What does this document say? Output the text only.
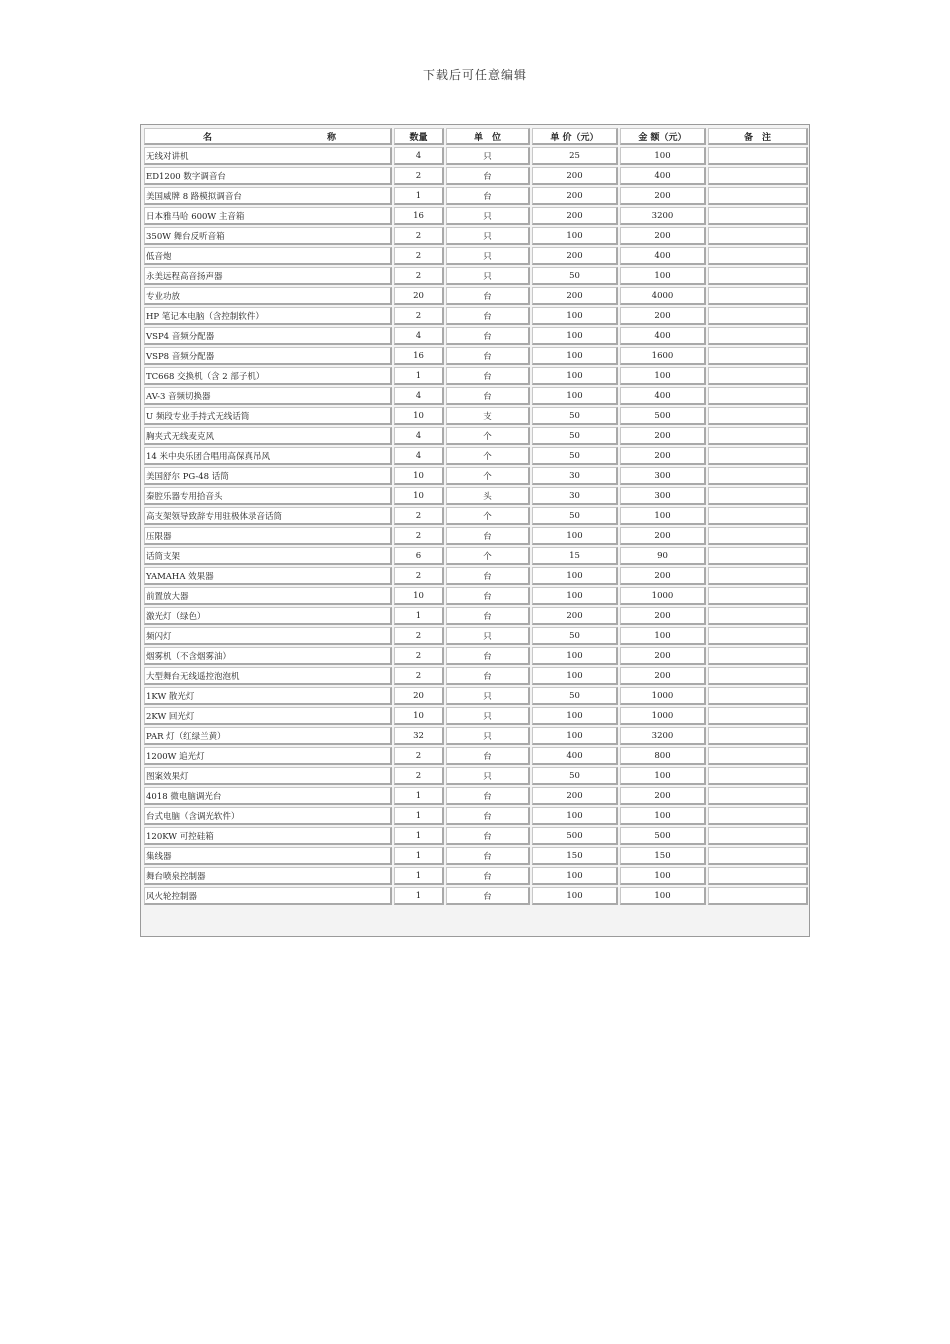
下载后可任意编辑
名 称	数量	单　位	单 价（元）	金 额（元）	备　注
无线对讲机	4	只	25	100	
ED1200 数字调音台	2	台	200	400	
美国威牌 8 路模拟调音台	1	台	200	200	
日本雅马哈 600W 主音箱	16	只	200	3200	
350W 舞台反听音箱	2	只	100	200	
低音炮	2	只	200	400	
永美远程高音扬声器	2	只	50	100	
专业功放	20	台	200	4000	
HP 笔记本电脑（含控制软件）	2	台	100	200	
VSP4 音频分配器	4	台	100	400	
VSP8 音频分配器	16	台	100	1600	
TC668 交换机（含 2 部子机）	1	台	100	100	
AV-3 音频切换器	4	台	100	400	
U 频段专业手持式无线话筒	10	支	50	500	
胸夹式无线麦克风	4	个	50	200	
14 米中央乐团合唱用高保真吊风	4	个	50	200	
美国舒尔 PG-48 话筒	10	个	30	300	
秦腔乐器专用拾音头	10	头	30	300	
高支架领导致辞专用驻极体录音话筒	2	个	50	100	
压限器	2	台	100	200	
话筒支架	6	个	15	90	
YAMAHA 效果器	2	台	100	200	
前置放大器	10	台	100	1000	
激光灯（绿色）	1	台	200	200	
频闪灯	2	只	50	100	
烟雾机（不含烟雾油）	2	台	100	200	
大型舞台无线遥控泡泡机	2	台	100	200	
1KW 散光灯	20	只	50	1000	
2KW 回光灯	10	只	100	1000	
PAR 灯（红绿兰黄）	32	只	100	3200	
1200W 追光灯	2	台	400	800	
图案效果灯	2	只	50	100	
4018 微电脑调光台	1	台	200	200	
台式电脑（含调光软件）	1	台	100	100	
120KW 可控硅箱	1	台	500	500	
集线器	1	台	150	150	
舞台喷泉控制器	1	台	100	100	
风火轮控制器	1	台	100	100	
